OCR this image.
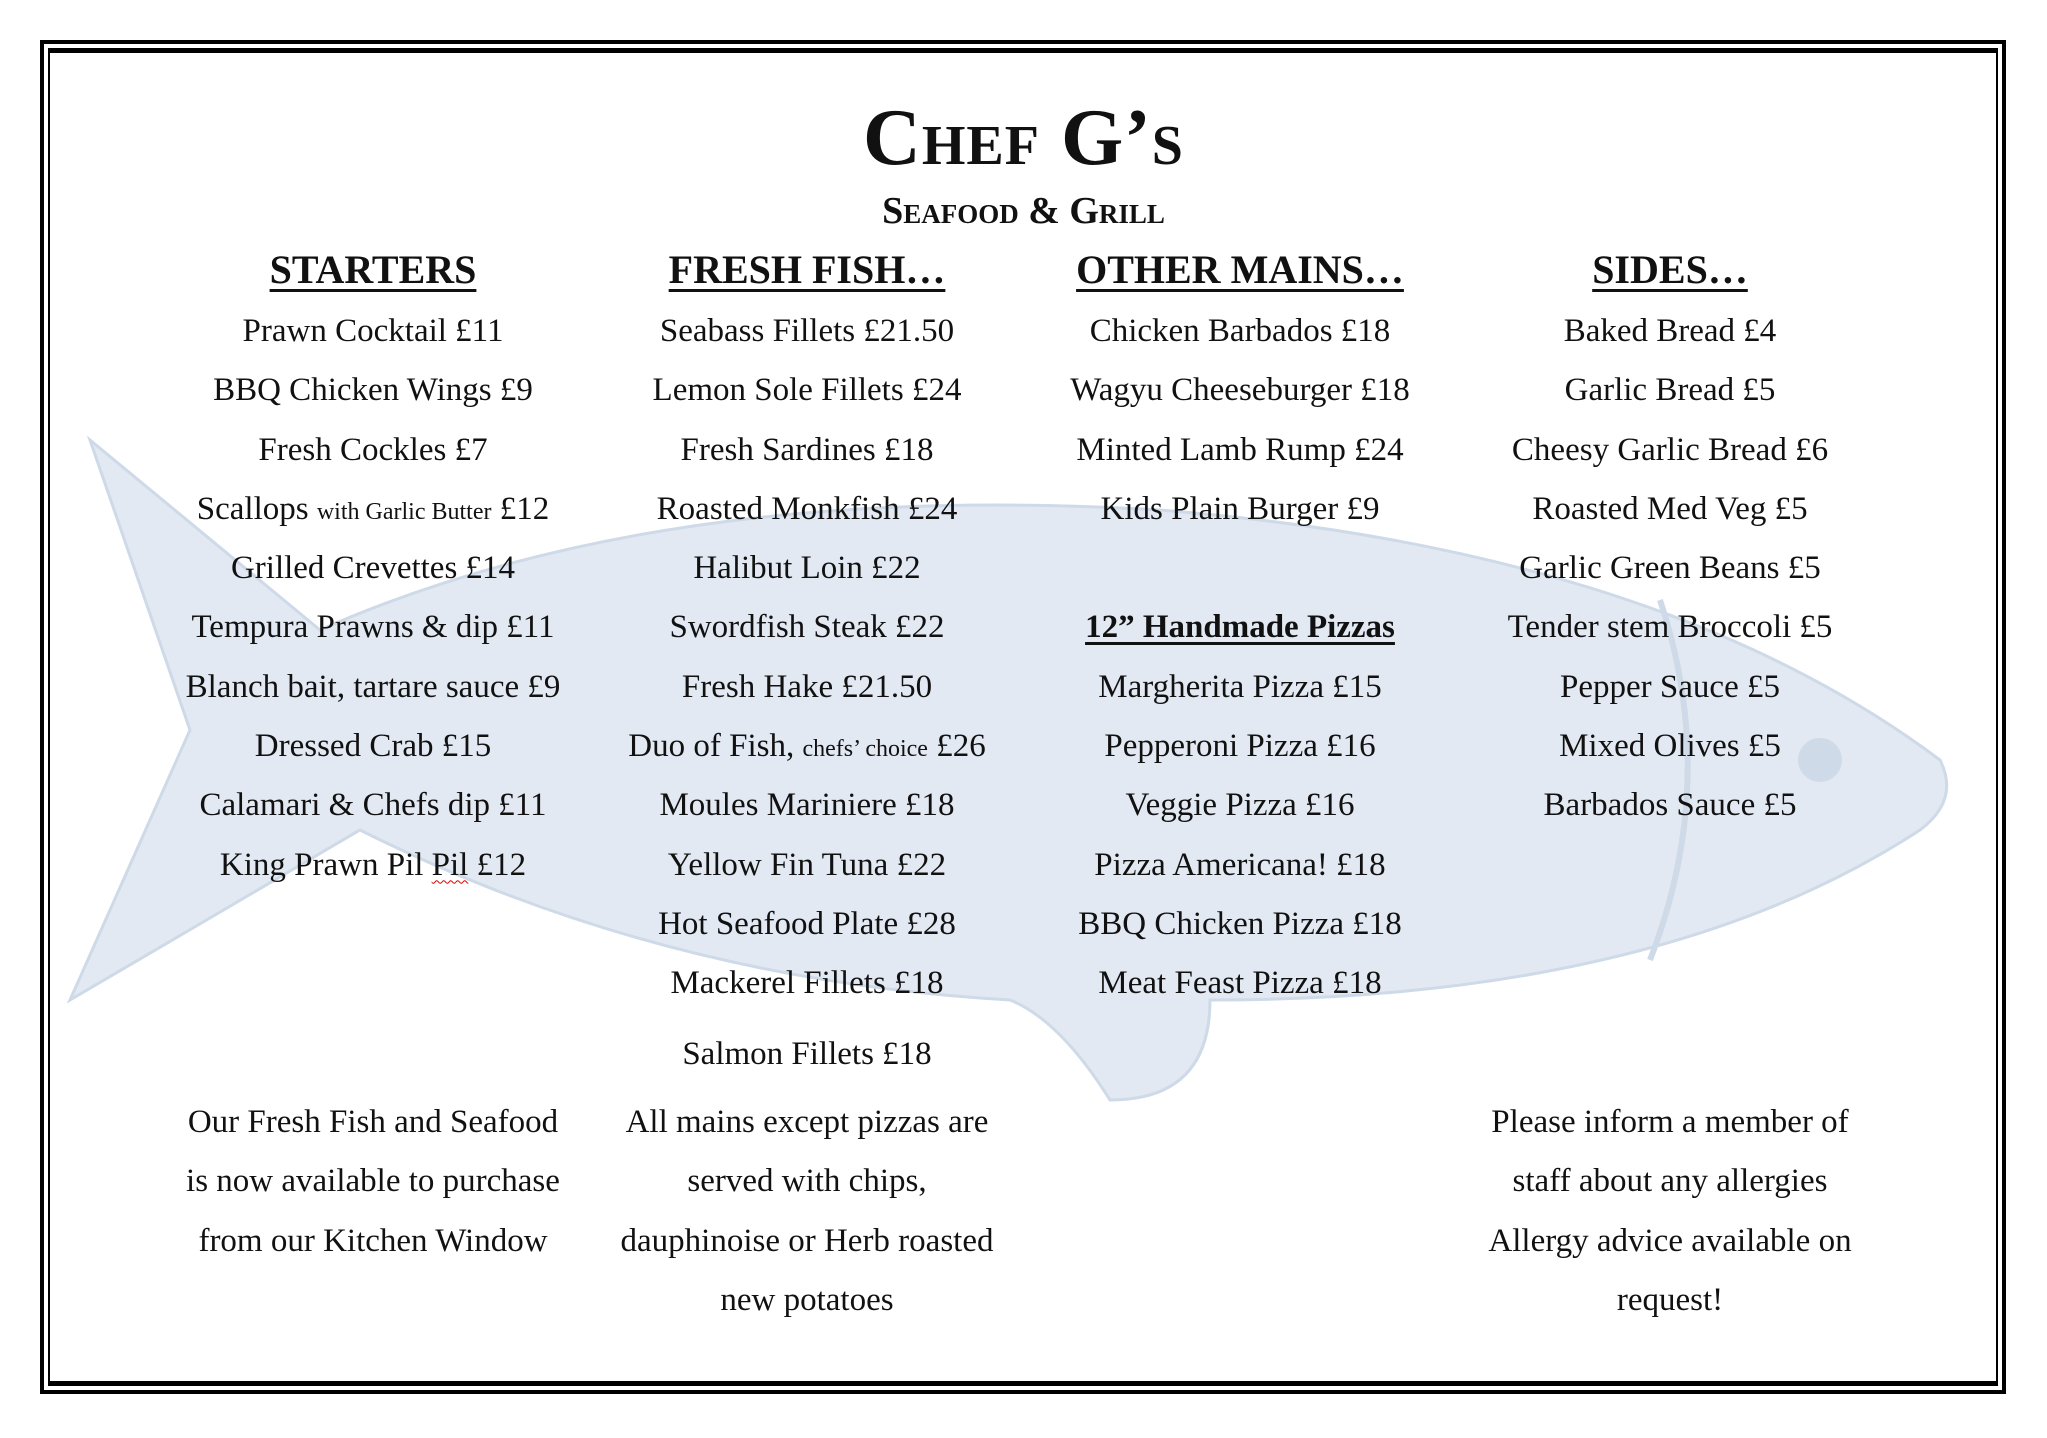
Chef G’s
Seafood & Grill
STARTERS
Prawn Cocktail £11
BBQ Chicken Wings £9
Fresh Cockles £7
Scallops with Garlic Butter £12
Grilled Crevettes £14
Tempura Prawns & dip £11
Blanch bait, tartare sauce £9
Dressed Crab £15
Calamari & Chefs dip £11
King Prawn Pil Pil £12
FRESH FISH…
Seabass Fillets £21.50
Lemon Sole Fillets £24
Fresh Sardines £18
Roasted Monkfish £24
Halibut Loin £22
Swordfish Steak £22
Fresh Hake £21.50
Duo of Fish, chefs’ choice £26
Moules Mariniere £18
Yellow Fin Tuna £22
Hot Seafood Plate £28
Mackerel Fillets £18
Salmon Fillets £18
OTHER MAINS…
Chicken Barbados £18
Wagyu Cheeseburger £18
Minted Lamb Rump £24
Kids Plain Burger £9
12” Handmade Pizzas
Margherita Pizza £15
Pepperoni Pizza £16
Veggie Pizza £16
Pizza Americana! £18
BBQ Chicken Pizza £18
Meat Feast Pizza £18
SIDES…
Baked Bread £4
Garlic Bread £5
Cheesy Garlic Bread £6
Roasted Med Veg £5
Garlic Green Beans £5
Tender stem Broccoli £5
Pepper Sauce £5
Mixed Olives £5
Barbados Sauce £5
Our Fresh Fish and Seafood
is now available to purchase
from our Kitchen Window
All mains except pizzas are
served with chips,
dauphinoise or Herb roasted
new potatoes
Please inform a member of
staff about any allergies
Allergy advice available on
request!
